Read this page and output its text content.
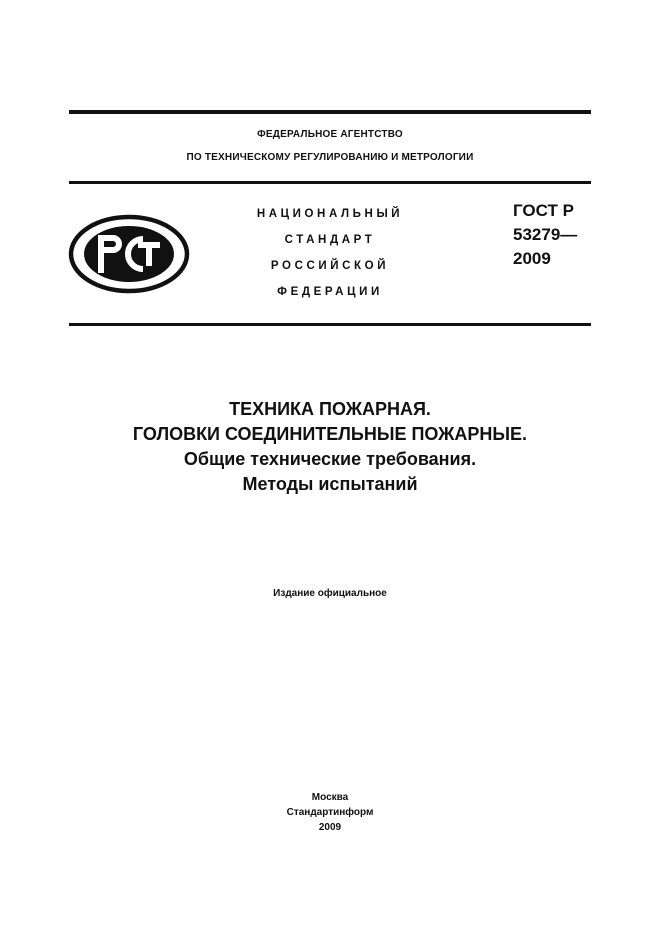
ФЕДЕРАЛЬНОЕ АГЕНТСТВО
ПО ТЕХНИЧЕСКОМУ РЕГУЛИРОВАНИЮ И МЕТРОЛОГИИ
НАЦИОНАЛЬНЫЙ
СТАНДАРТ
РОССИЙСКОЙ
ФЕДЕРАЦИИ
ГОСТ Р
53279—
2009
ТЕХНИКА ПОЖАРНАЯ.
ГОЛОВКИ СОЕДИНИТЕЛЬНЫЕ ПОЖАРНЫЕ.
Общие технические требования.
Методы испытаний
Издание официальное
Москва
Стандартинформ
2009
